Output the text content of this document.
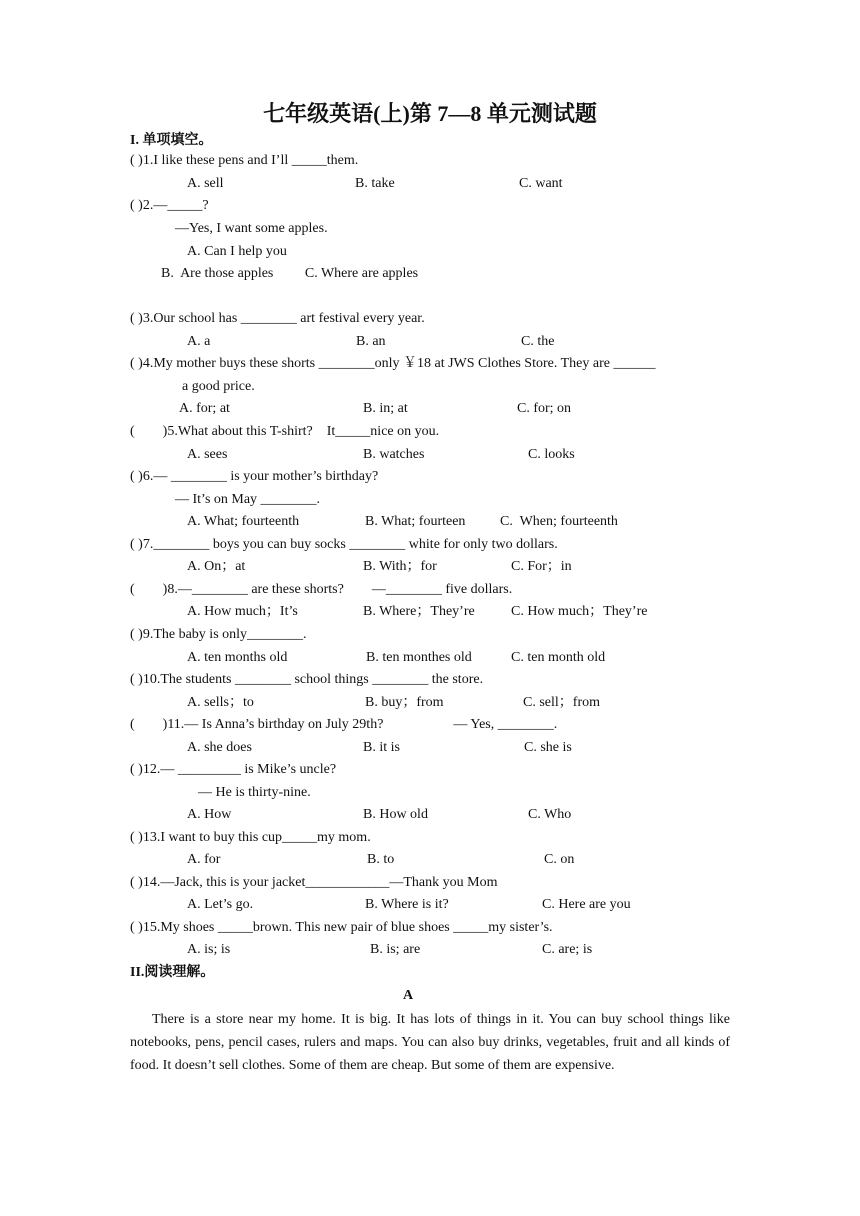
七年级英语(上)第 7—8 单元测试题
I. 单项填空。
( )1.I like these pens and I’ll _____them.
A. sell	B. take	C. want
( )2.—_____?
—Yes, I want some apples.
A. Can I help you
B.  Are those apples         C. Where are apples
( )3.Our school has ________ art festival every year.
A. a	B. an	C. the
( )4.My mother buys these shorts ________only ￥18 at JWS Clothes Store. They are ______
a good price.
A. for; at	B. in; at	C. for; on
(        )5.What about this T-shirt?    It_____nice on you.
A. sees	B. watches	C. looks
( )6.— ________ is your mother’s birthday?
— It’s on May ________.
A. What; fourteenth	B. What; fourteen C.  When; fourteenth
( )7.________ boys you can buy socks ________ white for only two dollars.
A. On；at	B. With；for	C. For；in
(        )8.—________ are these shorts?        —________ five dollars.
A. How much；It’s	B. Where；They’re	C. How much；They’re
( )9.The baby is only________.
A. ten months old	B. ten monthes old	C. ten month old
( )10.The students ________ school things ________ the store.
A. sells；to	B. buy；from	C. sell；from
(        )11.— Is Anna’s birthday on July 29th?                    — Yes, ________.
A. she does	B. it is	C. she is
( )12.— _________ is Mike’s uncle?
— He is thirty-nine.
A. How	B. How old	C. Who
( )13.I want to buy this cup_____my mom.
A. for	B. to	C. on
( )14.—Jack, this is your jacket____________—Thank you Mom
A. Let’s go.	B. Where is it?	C. Here are you
( )15.My shoes _____brown. This new pair of blue shoes _____my sister’s.
A. is; is	B. is; are	C. are; is
II.阅读理解。
A
There is a store near my home. It is big. It has lots of things in it. You can buy school things like notebooks, pens, pencil cases, rulers and maps. You can also buy drinks, vegetables, fruit and all kinds of food. It doesn’t sell clothes. Some of them are cheap. But some of them are expensive.
